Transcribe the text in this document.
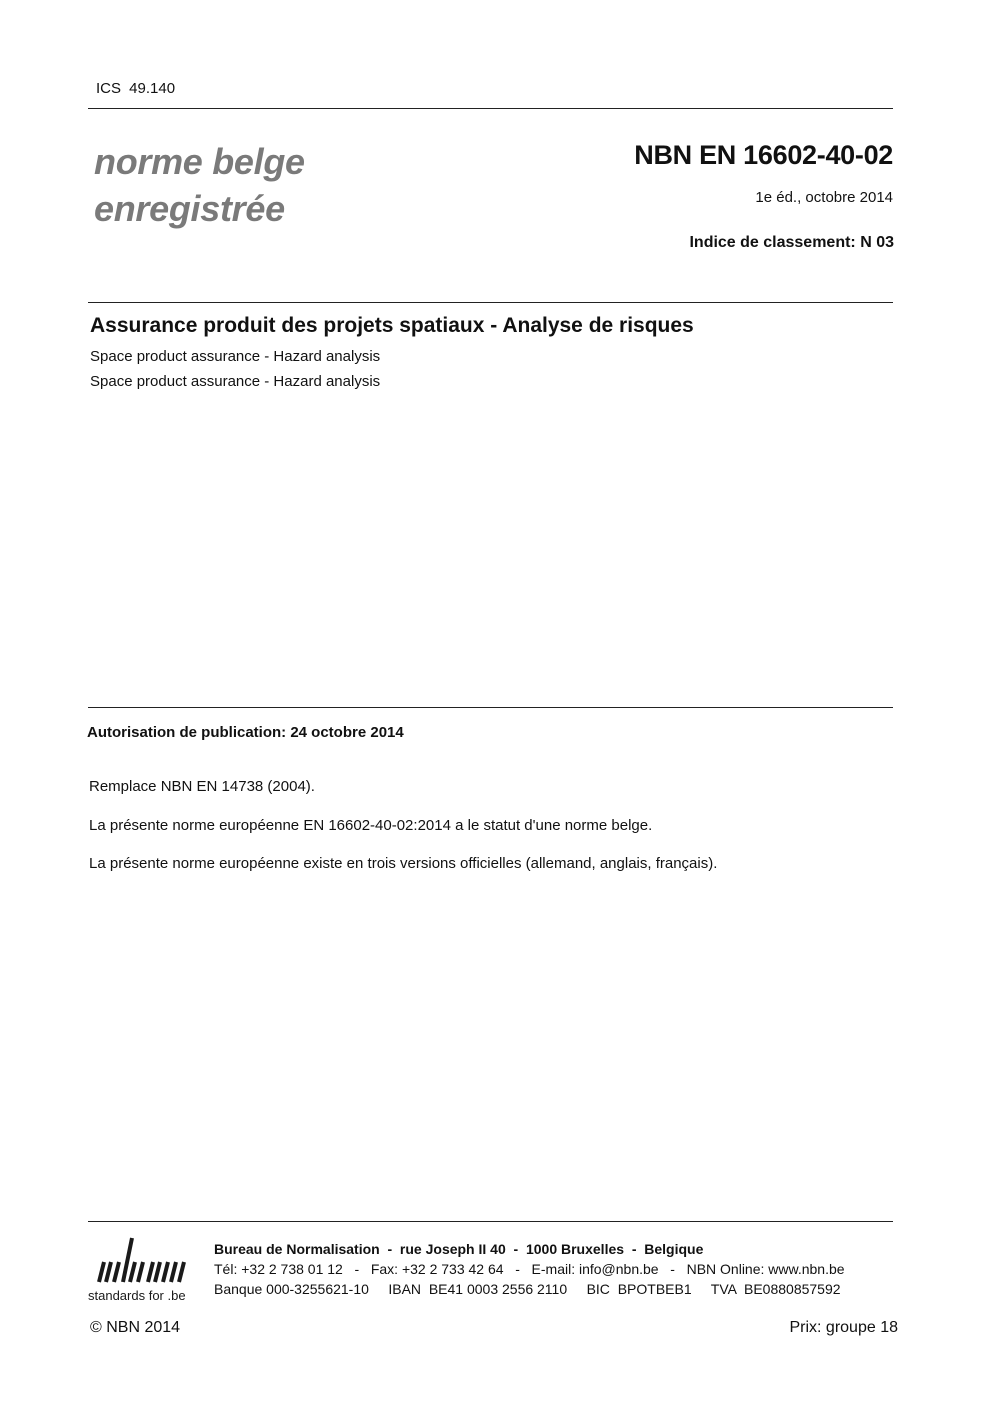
ICS 49.140
norme belge
enregistrée
NBN EN 16602-40-02
1e éd., octobre 2014
Indice de classement: N 03
Assurance produit des projets spatiaux - Analyse de risques
Space product assurance - Hazard analysis
Space product assurance - Hazard analysis
Autorisation de publication: 24 octobre 2014
Remplace NBN EN 14738 (2004).
La présente norme européenne EN 16602-40-02:2014 a le statut d'une norme belge.
La présente norme européenne existe en trois versions officielles (allemand, anglais, français).
standards for .be
Bureau de Normalisation  -  rue Joseph II 40  -  1000 Bruxelles  -  Belgique
Tél: +32 2 738 01 12   -   Fax: +32 2 733 42 64   -   E-mail: info@nbn.be   -   NBN Online: www.nbn.be
Banque 000-3255621-10     IBAN  BE41 0003 2556 2110     BIC  BPOTBEB1     TVA  BE0880857592
© NBN 2014	Prix: groupe 18
